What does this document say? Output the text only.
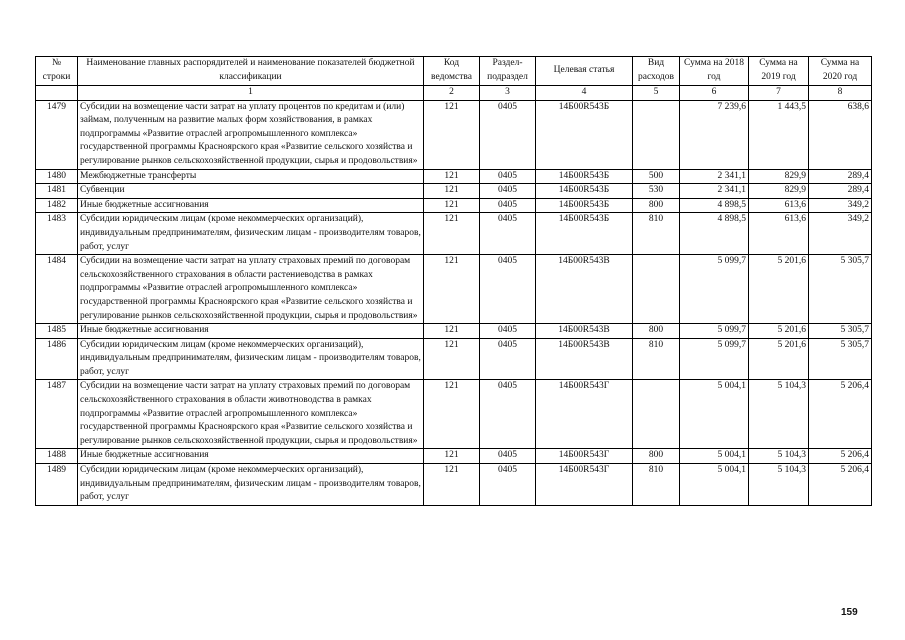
№ строки	Наименование главных распорядителей и наименование показателей бюджетной классификации	Код ведомства	Раздел-подраздел	Целевая статья	Вид расходов	Сумма на 2018 год	Сумма на 2019 год	Сумма на 2020 год
	1	2	3	4	5	6	7	8
1479	Субсидии на возмещение части затрат на уплату процентов по кредитам и (или) займам, полученным на развитие малых форм хозяйствования, в рамках подпрограммы «Развитие отраслей агропромышленного комплекса» государственной программы Красноярского края «Развитие сельского хозяйства и регулирование рынков сельскохозяйственной продукции, сырья и продовольствия»	121	0405	14Б00R543Б		7 239,6	1 443,5	638,6
1480	Межбюджетные трансферты	121	0405	14Б00R543Б	500	2 341,1	829,9	289,4
1481	Субвенции	121	0405	14Б00R543Б	530	2 341,1	829,9	289,4
1482	Иные бюджетные ассигнования	121	0405	14Б00R543Б	800	4 898,5	613,6	349,2
1483	Субсидии юридическим лицам (кроме некоммерческих организаций), индивидуальным предпринимателям, физическим лицам - производителям товаров, работ, услуг	121	0405	14Б00R543Б	810	4 898,5	613,6	349,2
1484	Субсидии на возмещение части затрат на уплату страховых премий по договорам сельскохозяйственного страхования в области растениеводства в рамках подпрограммы «Развитие отраслей агропромышленного комплекса» государственной программы Красноярского края «Развитие сельского хозяйства и регулирование рынков сельскохозяйственной продукции, сырья и продовольствия»	121	0405	14Б00R543В		5 099,7	5 201,6	5 305,7
1485	Иные бюджетные ассигнования	121	0405	14Б00R543В	800	5 099,7	5 201,6	5 305,7
1486	Субсидии юридическим лицам (кроме некоммерческих организаций), индивидуальным предпринимателям, физическим лицам - производителям товаров, работ, услуг	121	0405	14Б00R543В	810	5 099,7	5 201,6	5 305,7
1487	Субсидии на возмещение части затрат на уплату страховых премий по договорам сельскохозяйственного страхования в области животноводства в рамках подпрограммы «Развитие отраслей агропромышленного комплекса» государственной программы Красноярского края «Развитие сельского хозяйства и регулирование рынков сельскохозяйственной продукции, сырья и продовольствия»	121	0405	14Б00R543Г		5 004,1	5 104,3	5 206,4
1488	Иные бюджетные ассигнования	121	0405	14Б00R543Г	800	5 004,1	5 104,3	5 206,4
1489	Субсидии юридическим лицам (кроме некоммерческих организаций), индивидуальным предпринимателям, физическим лицам - производителям товаров, работ, услуг	121	0405	14Б00R543Г	810	5 004,1	5 104,3	5 206,4
159
